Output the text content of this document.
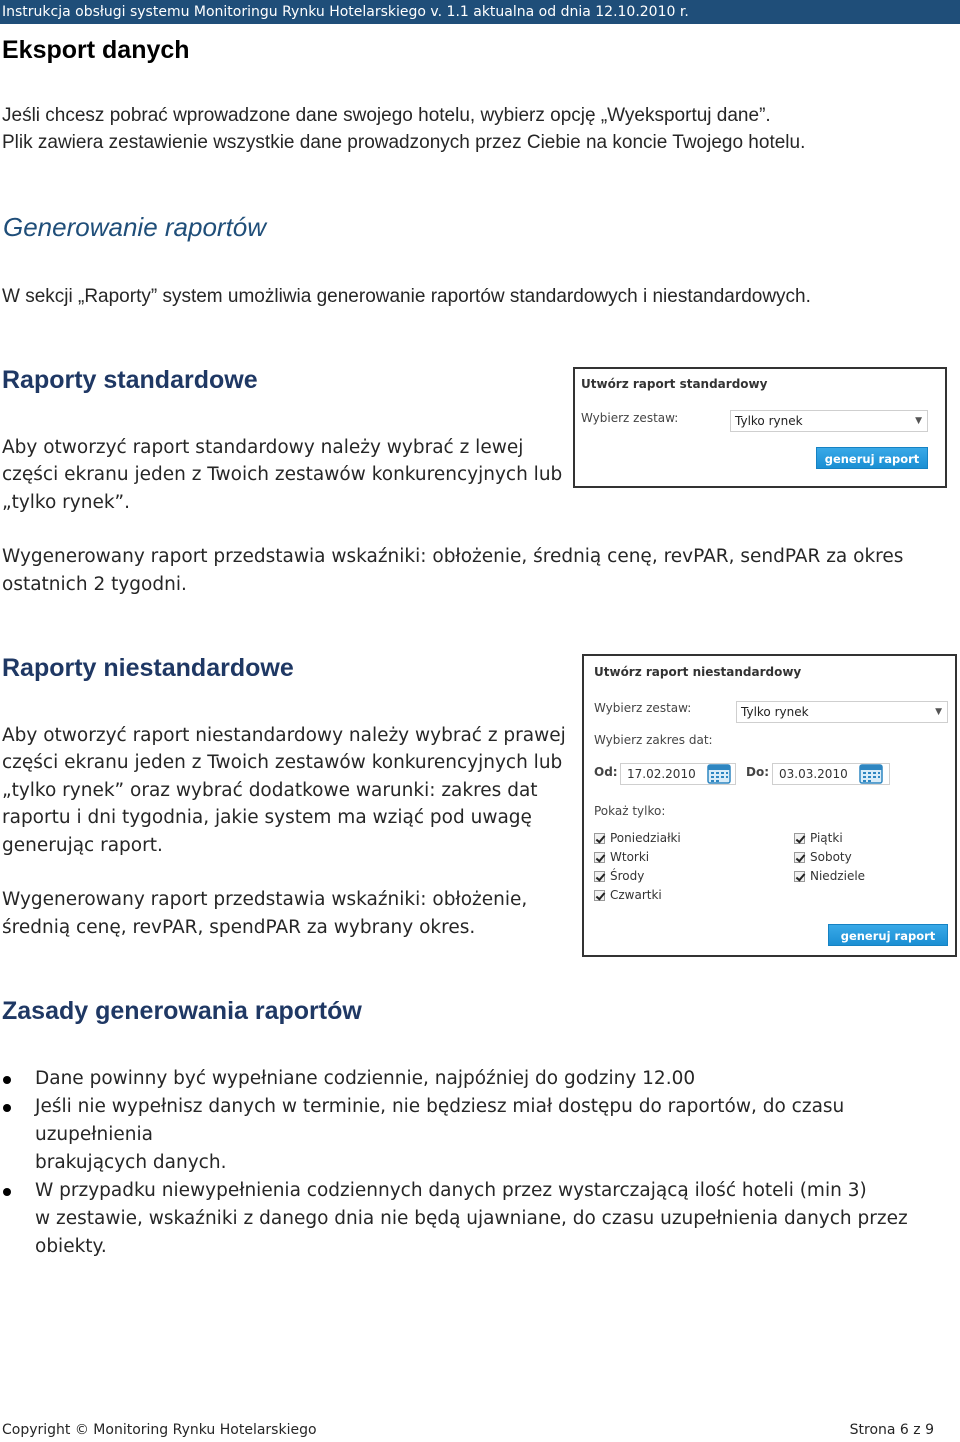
Instrukcja obsługi systemu Monitoringu Rynku Hotelarskiego v. 1.1 aktualna od dnia 12.10.2010 r.
Eksport danych
Jeśli chcesz pobrać wprowadzone dane swojego hotelu, wybierz opcję „Wyeksportuj dane”.
Plik zawiera zestawienie wszystkie dane prowadzonych przez Ciebie na koncie Twojego hotelu.
Generowanie raportów
W sekcji „Raporty” system umożliwia generowanie raportów standardowych i niestandardowych.
Raporty standardowe
Aby otworzyć raport standardowy należy wybrać z lewej
części ekranu jeden z Twoich zestawów konkurencyjnych lub
„tylko rynek”.
Wygenerowany raport przedstawia wskaźniki: obłożenie, średnią cenę, revPAR, sendPAR za okres
ostatnich 2 tygodni.
Utwórz raport standardowy
Wybierz zestaw:	Tylko rynek	▼
generuj raport
Raporty niestandardowe
Aby otworzyć raport niestandardowy należy wybrać z prawej
części ekranu jeden z Twoich zestawów konkurencyjnych lub
„tylko rynek” oraz wybrać dodatkowe warunki: zakres dat
raportu i dni tygodnia, jakie system ma wziąć pod uwagę
generując raport.
Wygenerowany raport przedstawia wskaźniki: obłożenie,
średnią cenę, revPAR, spendPAR za wybrany okres.
Utwórz raport niestandardowy
Wybierz zestaw:	Tylko rynek	▼
Wybierz zakres dat:
Od: 17.02.2010	Do: 03.03.2010
Pokaż tylko:
Poniedziałki
Wtorki
Środy
Czwartki
Piątki
Soboty
Niedziele
generuj raport
Zasady generowania raportów
Dane powinny być wypełniane codziennie, najpóźniej do godziny 12.00
Jeśli nie wypełnisz danych w terminie, nie będziesz miał dostępu do raportów, do czasu uzupełnienia
brakujących danych.
W przypadku niewypełnienia codziennych danych przez wystarczającą ilość hoteli (min 3)
w zestawie, wskaźniki z danego dnia nie będą ujawniane, do czasu uzupełnienia danych przez
obiekty.
Copyright © Monitoring Rynku Hotelarskiego	Strona 6 z 9
